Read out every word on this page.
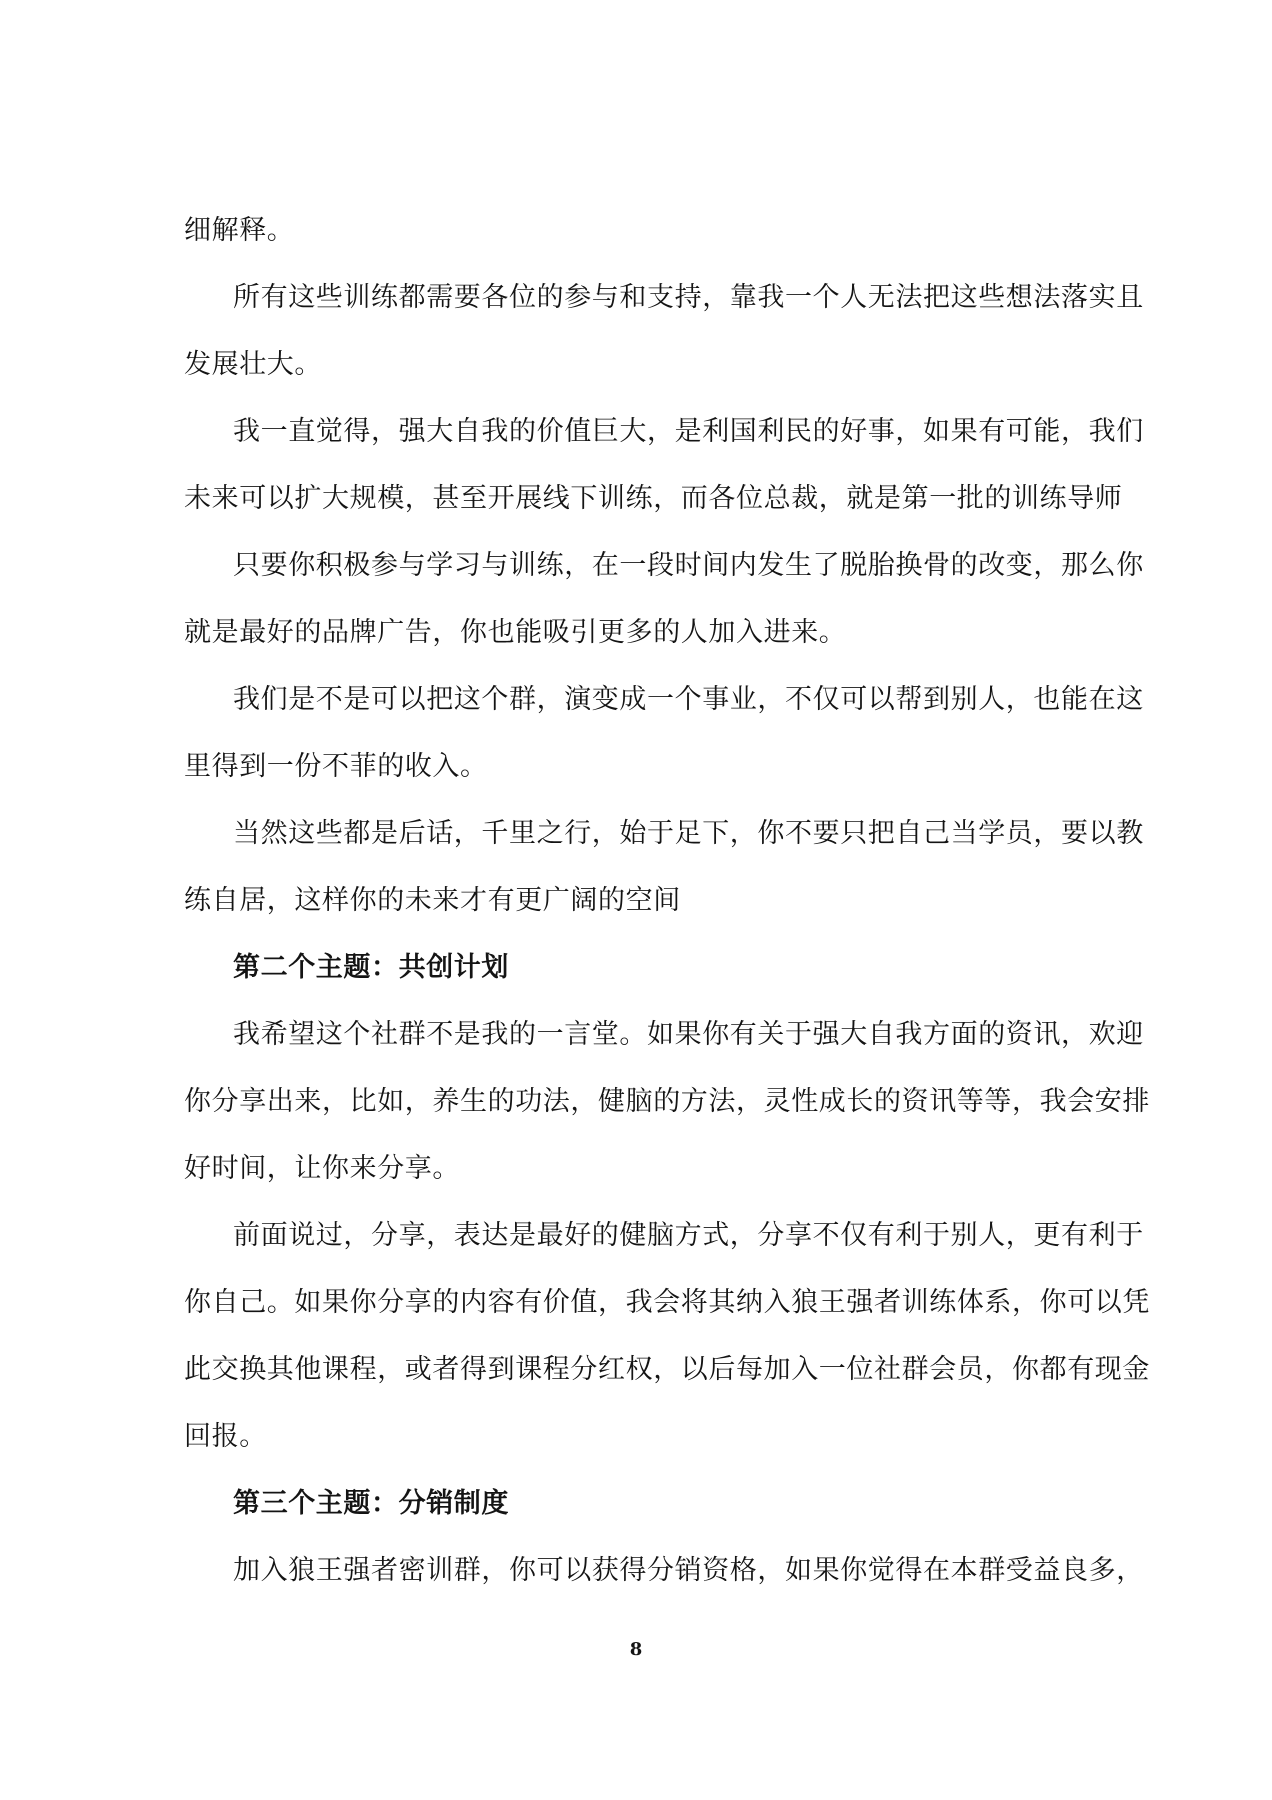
细解释。

所有这些训练都需要各位的参与和支持，靠我一个人无法把这些想法落实且

发展壮大。

我一直觉得，强大自我的价值巨大，是利国利民的好事，如果有可能，我们

未来可以扩大规模，甚至开展线下训练，而各位总裁，就是第一批的训练导师

只要你积极参与学习与训练，在一段时间内发生了脱胎换骨的改变，那么你

就是最好的品牌广告，你也能吸引更多的人加入进来。

我们是不是可以把这个群，演变成一个事业，不仅可以帮到别人，也能在这

里得到一份不菲的收入。

当然这些都是后话，千里之行，始于足下，你不要只把自己当学员，要以教

练自居，这样你的未来才有更广阔的空间

第二个主题：共创计划

我希望这个社群不是我的一言堂。如果你有关于强大自我方面的资讯，欢迎

你分享出来，比如，养生的功法，健脑的方法，灵性成长的资讯等等，我会安排

好时间，让你来分享。

前面说过，分享，表达是最好的健脑方式，分享不仅有利于别人，更有利于

你自己。如果你分享的内容有价值，我会将其纳入狼王强者训练体系，你可以凭

此交换其他课程，或者得到课程分红权，以后每加入一位社群会员，你都有现金

回报。

第三个主题：分销制度

加入狼王强者密训群，你可以获得分销资格，如果你觉得在本群受益良多，

8
